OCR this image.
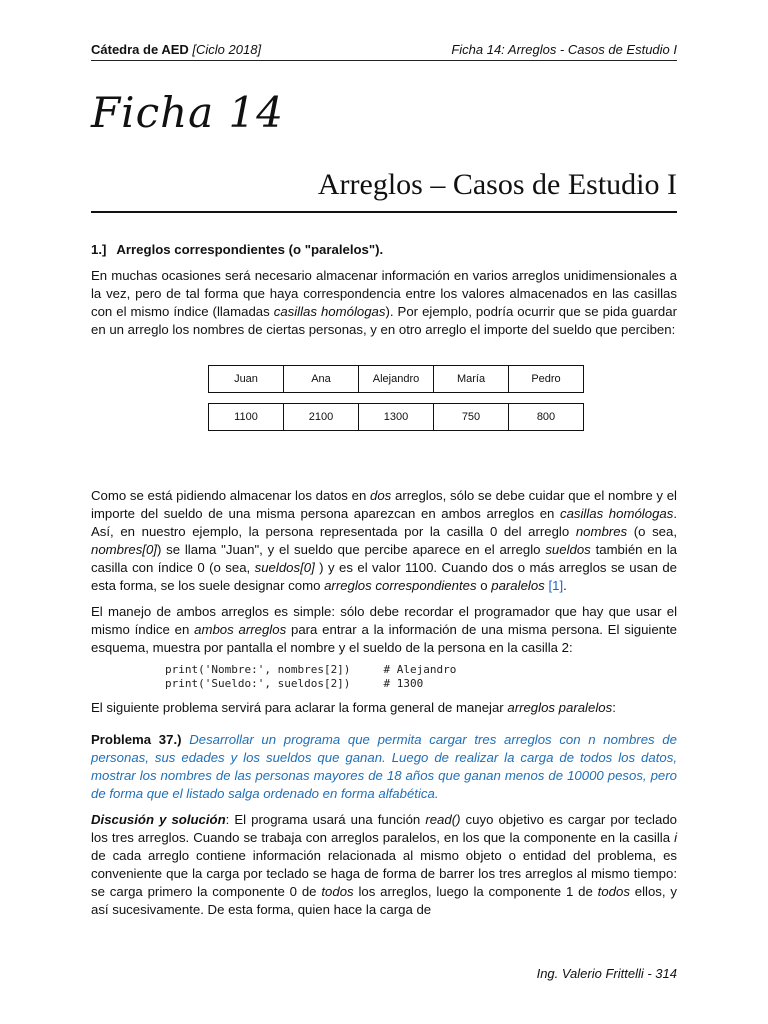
Cátedra de AED [Ciclo 2018]	Ficha 14: Arreglos - Casos de Estudio I
Ficha 14
Arreglos – Casos de Estudio I
1.] Arreglos correspondientes (o "paralelos").

En muchas ocasiones será necesario almacenar información en varios arreglos unidimensionales a la vez, pero de tal forma que haya correspondencia entre los valores almacenados en las casillas con el mismo índice (llamadas casillas homólogas). Por ejemplo, podría ocurrir que se pida guardar en un arreglo los nombres de ciertas personas, y en otro arreglo el importe del sueldo que perciben:

Juan	Ana	Alejandro	María	Pedro
1100	2100	1300	750	800

Como se está pidiendo almacenar los datos en dos arreglos, sólo se debe cuidar que el nombre y el importe del sueldo de una misma persona aparezcan en ambos arreglos en casillas homólogas. Así, en nuestro ejemplo, la persona representada por la casilla 0 del arreglo nombres (o sea, nombres[0]) se llama "Juan", y el sueldo que percibe aparece en el arreglo sueldos también en la casilla con índice 0 (o sea, sueldos[0] ) y es el valor 1100. Cuando dos o más arreglos se usan de esta forma, se los suele designar como arreglos correspondientes o paralelos [1].

El manejo de ambos arreglos es simple: sólo debe recordar el programador que hay que usar el mismo índice en ambos arreglos para entrar a la información de una misma persona. El siguiente esquema, muestra por pantalla el nombre y el sueldo de la persona en la casilla 2:

print('Nombre:', nombres[2])     # Alejandro
print('Sueldo:', sueldos[2])     # 1300

El siguiente problema servirá para aclarar la forma general de manejar arreglos paralelos:

Problema 37.) Desarrollar un programa que permita cargar tres arreglos con n nombres de personas, sus edades y los sueldos que ganan. Luego de realizar la carga de todos los datos, mostrar los nombres de las personas mayores de 18 años que ganan menos de 10000 pesos, pero de forma que el listado salga ordenado en forma alfabética.

Discusión y solución: El programa usará una función read() cuyo objetivo es cargar por teclado los tres arreglos. Cuando se trabaja con arreglos paralelos, en los que la componente en la casilla i de cada arreglo contiene información relacionada al mismo objeto o entidad del problema, es conveniente que la carga por teclado se haga de forma de barrer los tres arreglos al mismo tiempo: se carga primero la componente 0 de todos los arreglos, luego la componente 1 de todos ellos, y así sucesivamente. De esta forma, quien hace la carga de

Ing. Valerio Frittelli - 314
